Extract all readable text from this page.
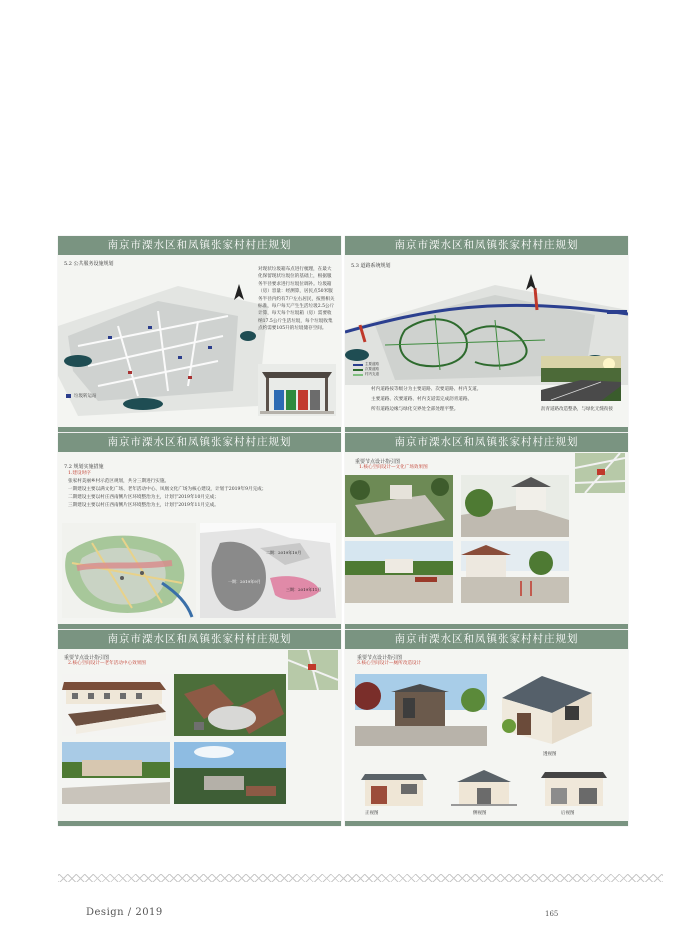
南京市溧水区和凤镇张家村村庄规划
5.2 公共服务设施规划
垃圾转运站
对现状垃圾箱布点进行梳理，在最大化保留现状垃圾位的基础上，根据服务半径要求进行垃圾位调补。垃圾箱（房）容量：经测算，居民点50米服务半径内约有7户左右居民，按照相关标准，每户每天产生生活垃圾2.5公斤计算，每天每个垃圾箱（房）需要收纳17.5公斤生活垃圾，每个垃圾收集点约需要105升的垃圾储存空间。
南京市溧水区和凤镇张家村村庄规划
5.3 道路系统规划
主要道路
次要道路
村内支道
村内道路按等级分为主要道路、次要道路、村内支道。
主要道路、次要道路、村内支道需完成沥青道路。
所有道路边缘与绿化交界处全部处理平整。	沥青道路改造整条，与绿化无缝衔接
南京市溧水区和凤镇张家村村庄规划
7.2 规划实施措施
1.建设时序
张家村美丽乡村示范区规划，共分三期进行实施。
一期建设主要以满文化广场、老年活动中心、凤凰文化广场为核心建设，计划于2019年9月完成；
二期建设主要以村庄西南侧片区环境整治为主，计划于2019年10月完成；
三期建设主要以村庄西南侧片区环境整治为主，计划于2019年11月完成。
一期：2019年9月
二期：2019年10月
三期：2019年11月
南京市溧水区和凤镇张家村村庄规划
重要节点设计指引图
1.核心空间设计—文化广场效果图
南京市溧水区和凤镇张家村村庄规划
重要节点设计指引图
2.核心空间设计—老年活动中心效果图
南京市溧水区和凤镇张家村村庄规划
重要节点设计指引图
3.核心空间设计—厕所改造设计
透视图
正视图	侧视图	后视图
Design / 2019	165
